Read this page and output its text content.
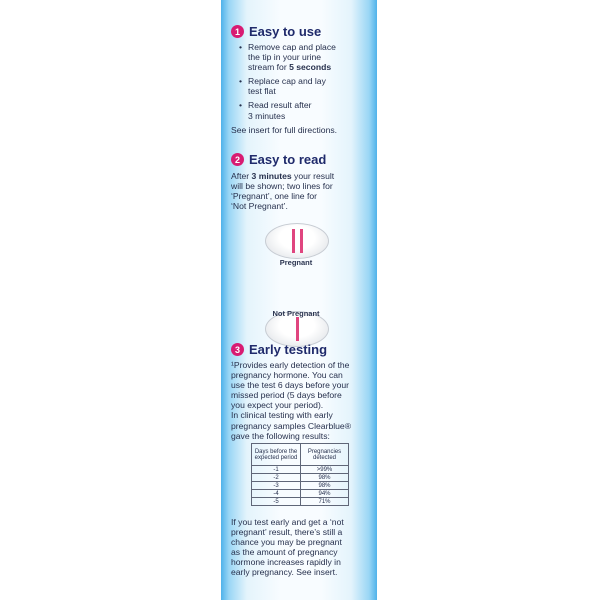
1 Easy to use
• Remove cap and place
the tip in your urine
stream for 5 seconds
• Replace cap and lay
test flat
• Read result after
3 minutes
See insert for full directions.
2 Easy to read
After 3 minutes your result
will be shown; two lines for
‘Pregnant’, one line for
‘Not Pregnant’.
Pregnant
Not Pregnant
3 Early testing
¹Provides early detection of the
pregnancy hormone. You can
use the test 6 days before your
missed period (5 days before
you expect your period).
In clinical testing with early
pregnancy samples Clearblue®
gave the following results:
Days before the expected period	Pregnancies detected
-1	>99%
-2	98%
-3	98%
-4	94%
-5	71%
If you test early and get a ‘not
pregnant’ result, there’s still a
chance you may be pregnant
as the amount of pregnancy
hormone increases rapidly in
early pregnancy. See insert.
